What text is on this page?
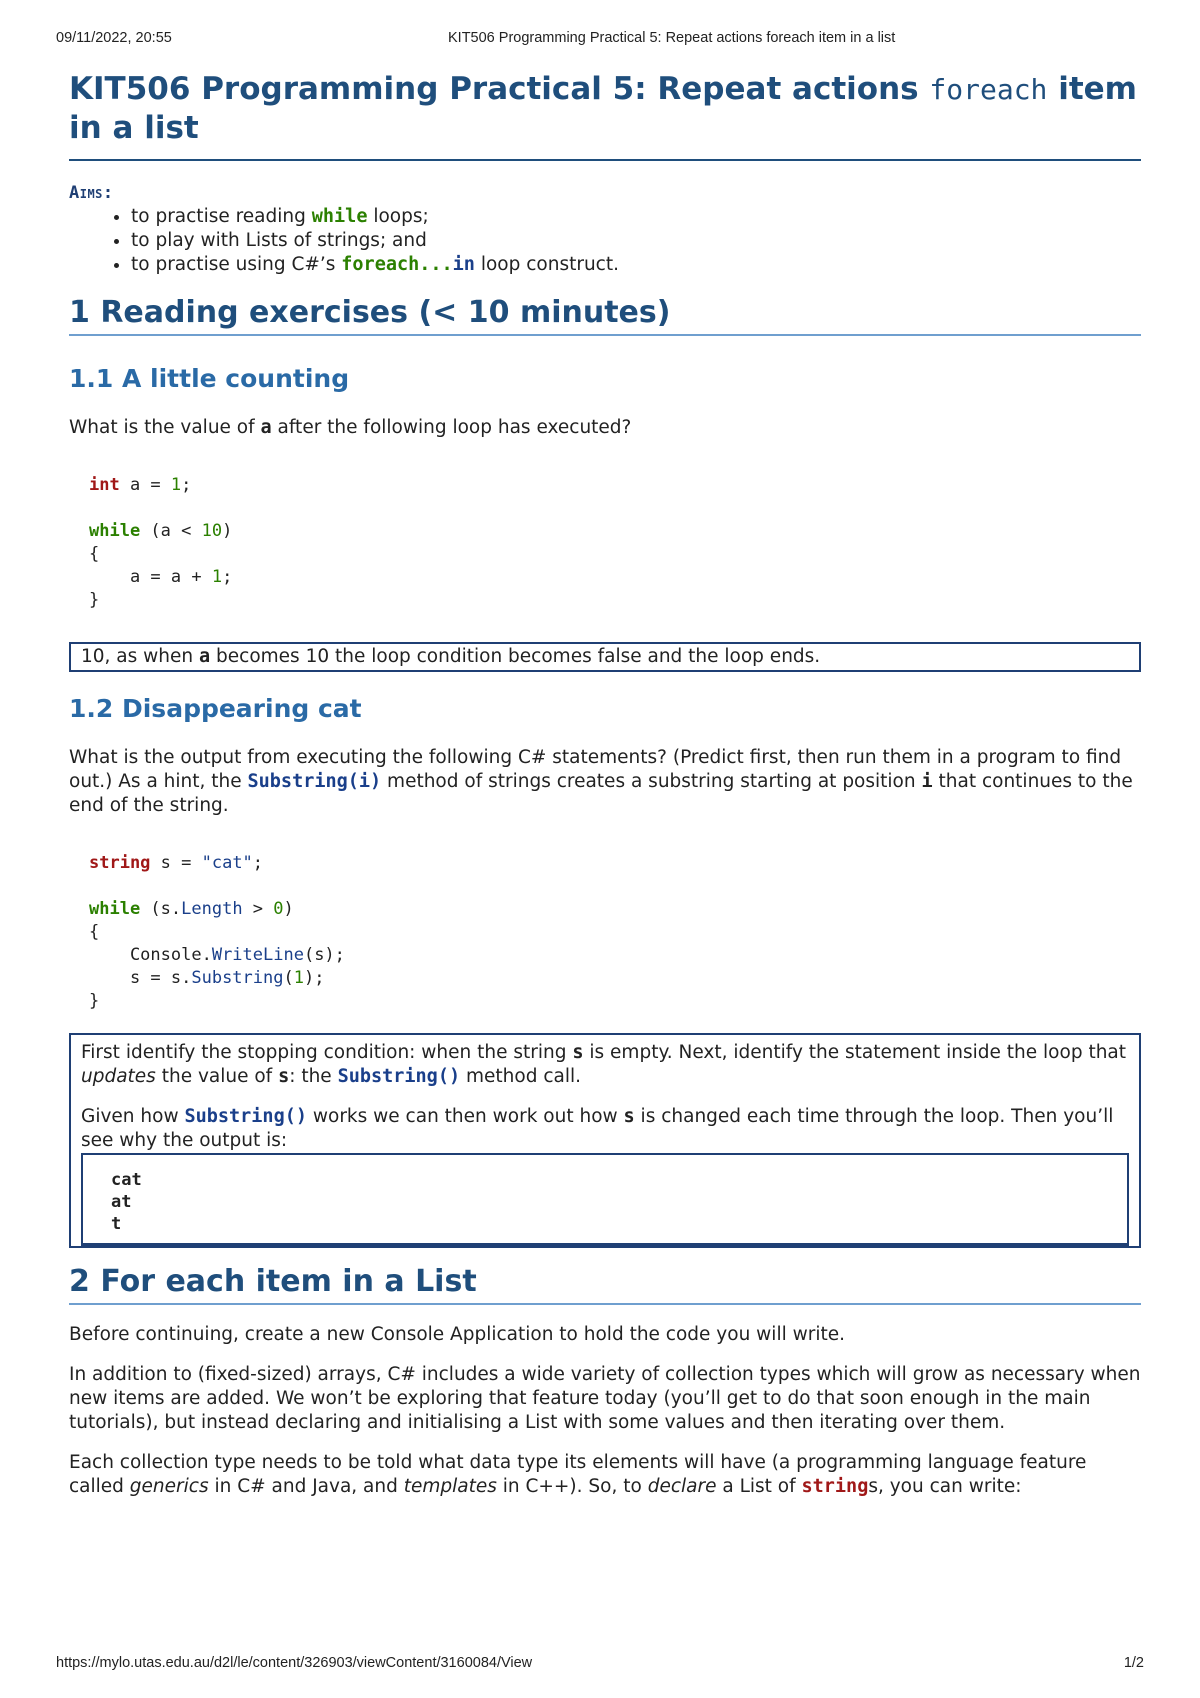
09/11/2022, 20:55	KIT506 Programming Practical 5: Repeat actions foreach item in a list
KIT506 Programming Practical 5: Repeat actions foreach item in a list
Aims:
• to practise reading while loops;
• to play with Lists of strings; and
• to practise using C#’s foreach...in loop construct.
1 Reading exercises (< 10 minutes)
1.1 A little counting

What is the value of a after the following loop has executed?

int a = 1;

while (a < 10)
{
a = a + 1;
}
10, as when a becomes 10 the loop condition becomes false and the loop ends.
1.2 Disappearing cat

What is the output from executing the following C# statements? (Predict first, then run them in a program to find out.) As a hint, the Substring(i) method of strings creates a substring starting at position i that continues to the end of the string.

string s = "cat";

while (s.Length > 0)
{
Console.WriteLine(s);
s = s.Substring(1);
}

First identify the stopping condition: when the string s is empty. Next, identify the statement inside the loop that updates the value of s: the Substring() method call.

Given how Substring() works we can then work out how s is changed each time through the loop. Then you’ll see why the output is:

cat
at
t
2 For each item in a List

Before continuing, create a new Console Application to hold the code you will write.

In addition to (fixed-sized) arrays, C# includes a wide variety of collection types which will grow as necessary when new items are added. We won’t be exploring that feature today (you’ll get to do that soon enough in the main tutorials), but instead declaring and initialising a List with some values and then iterating over them.

Each collection type needs to be told what data type its elements will have (a programming language feature called generics in C# and Java, and templates in C++). So, to declare a List of strings, you can write:

https://mylo.utas.edu.au/d2l/le/content/326903/viewContent/3160084/View	1/2
